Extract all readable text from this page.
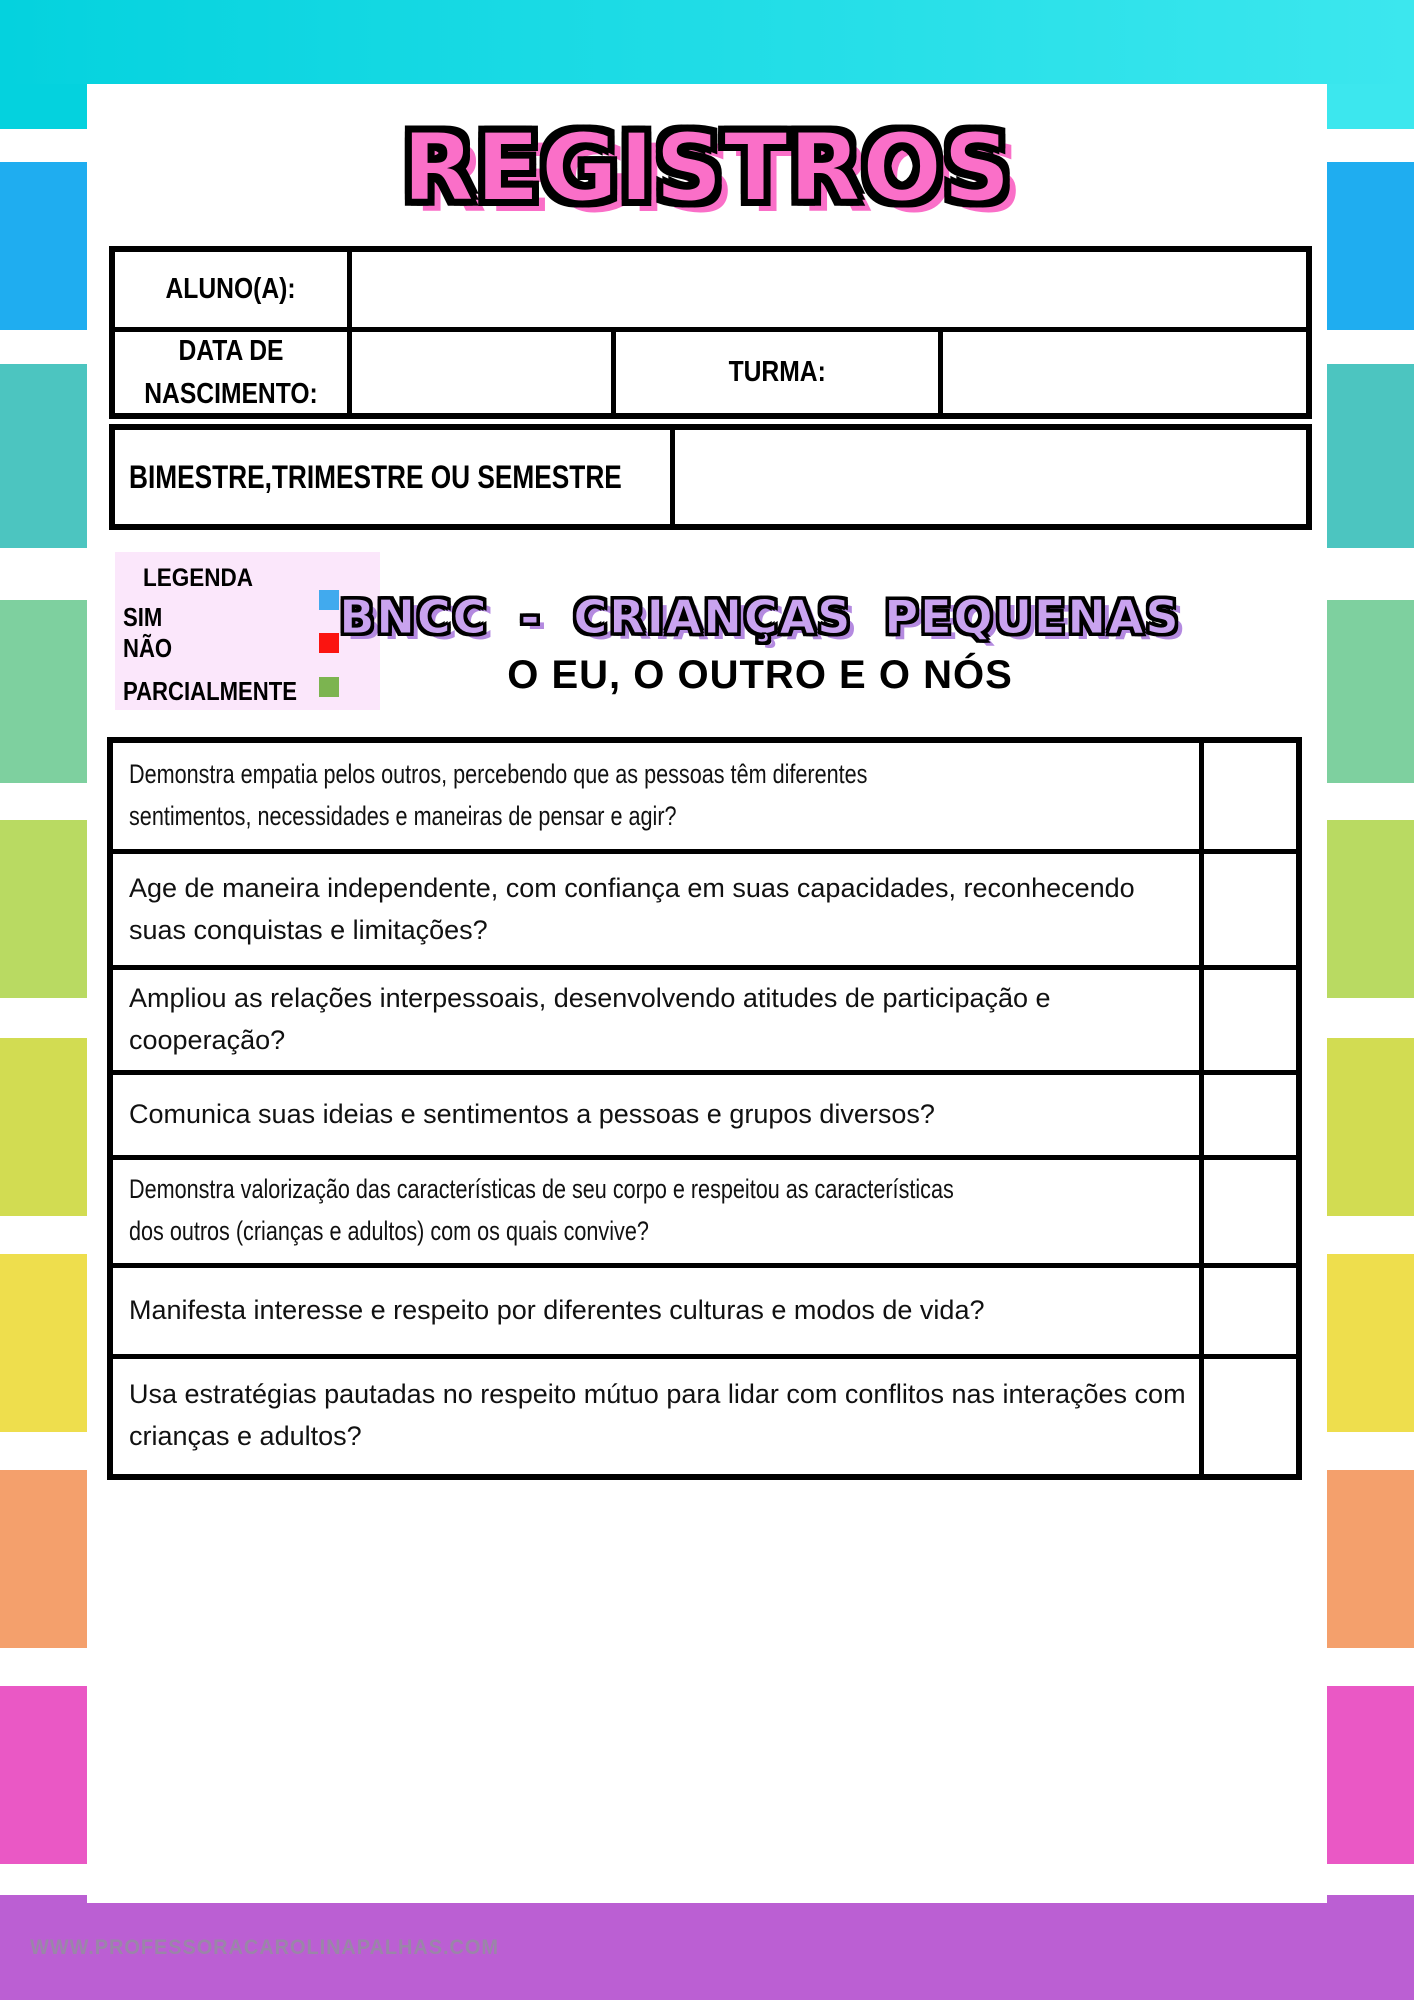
WWW.PROFESSORACAROLINAPALHAS.COM
REGISTROS
ALUNO(A):
DATA DE NASCIMENTO:
TURMA:
BIMESTRE,TRIMESTRE OU SEMESTRE
LEGENDA
SIM
NÃO
PARCIALMENTE
BNCC - CRIANÇAS PEQUENAS
O EU, O OUTRO E O NÓS
Demonstra empatia pelos outros, percebendo que as pessoas têm diferentes sentimentos, necessidades e maneiras de pensar e agir?
Age de maneira independente, com confiança em suas capacidades, reconhecendo suas conquistas e limitações?
Ampliou as relações interpessoais, desenvolvendo atitudes de participação e cooperação?
Comunica suas ideias e sentimentos a pessoas e grupos diversos?
Demonstra valorização das características de seu corpo e respeitou as características dos outros (crianças e adultos) com os quais convive?
Manifesta interesse e respeito por diferentes culturas e modos de vida?
Usa estratégias pautadas no respeito mútuo para lidar com conflitos nas interações com crianças e adultos?
